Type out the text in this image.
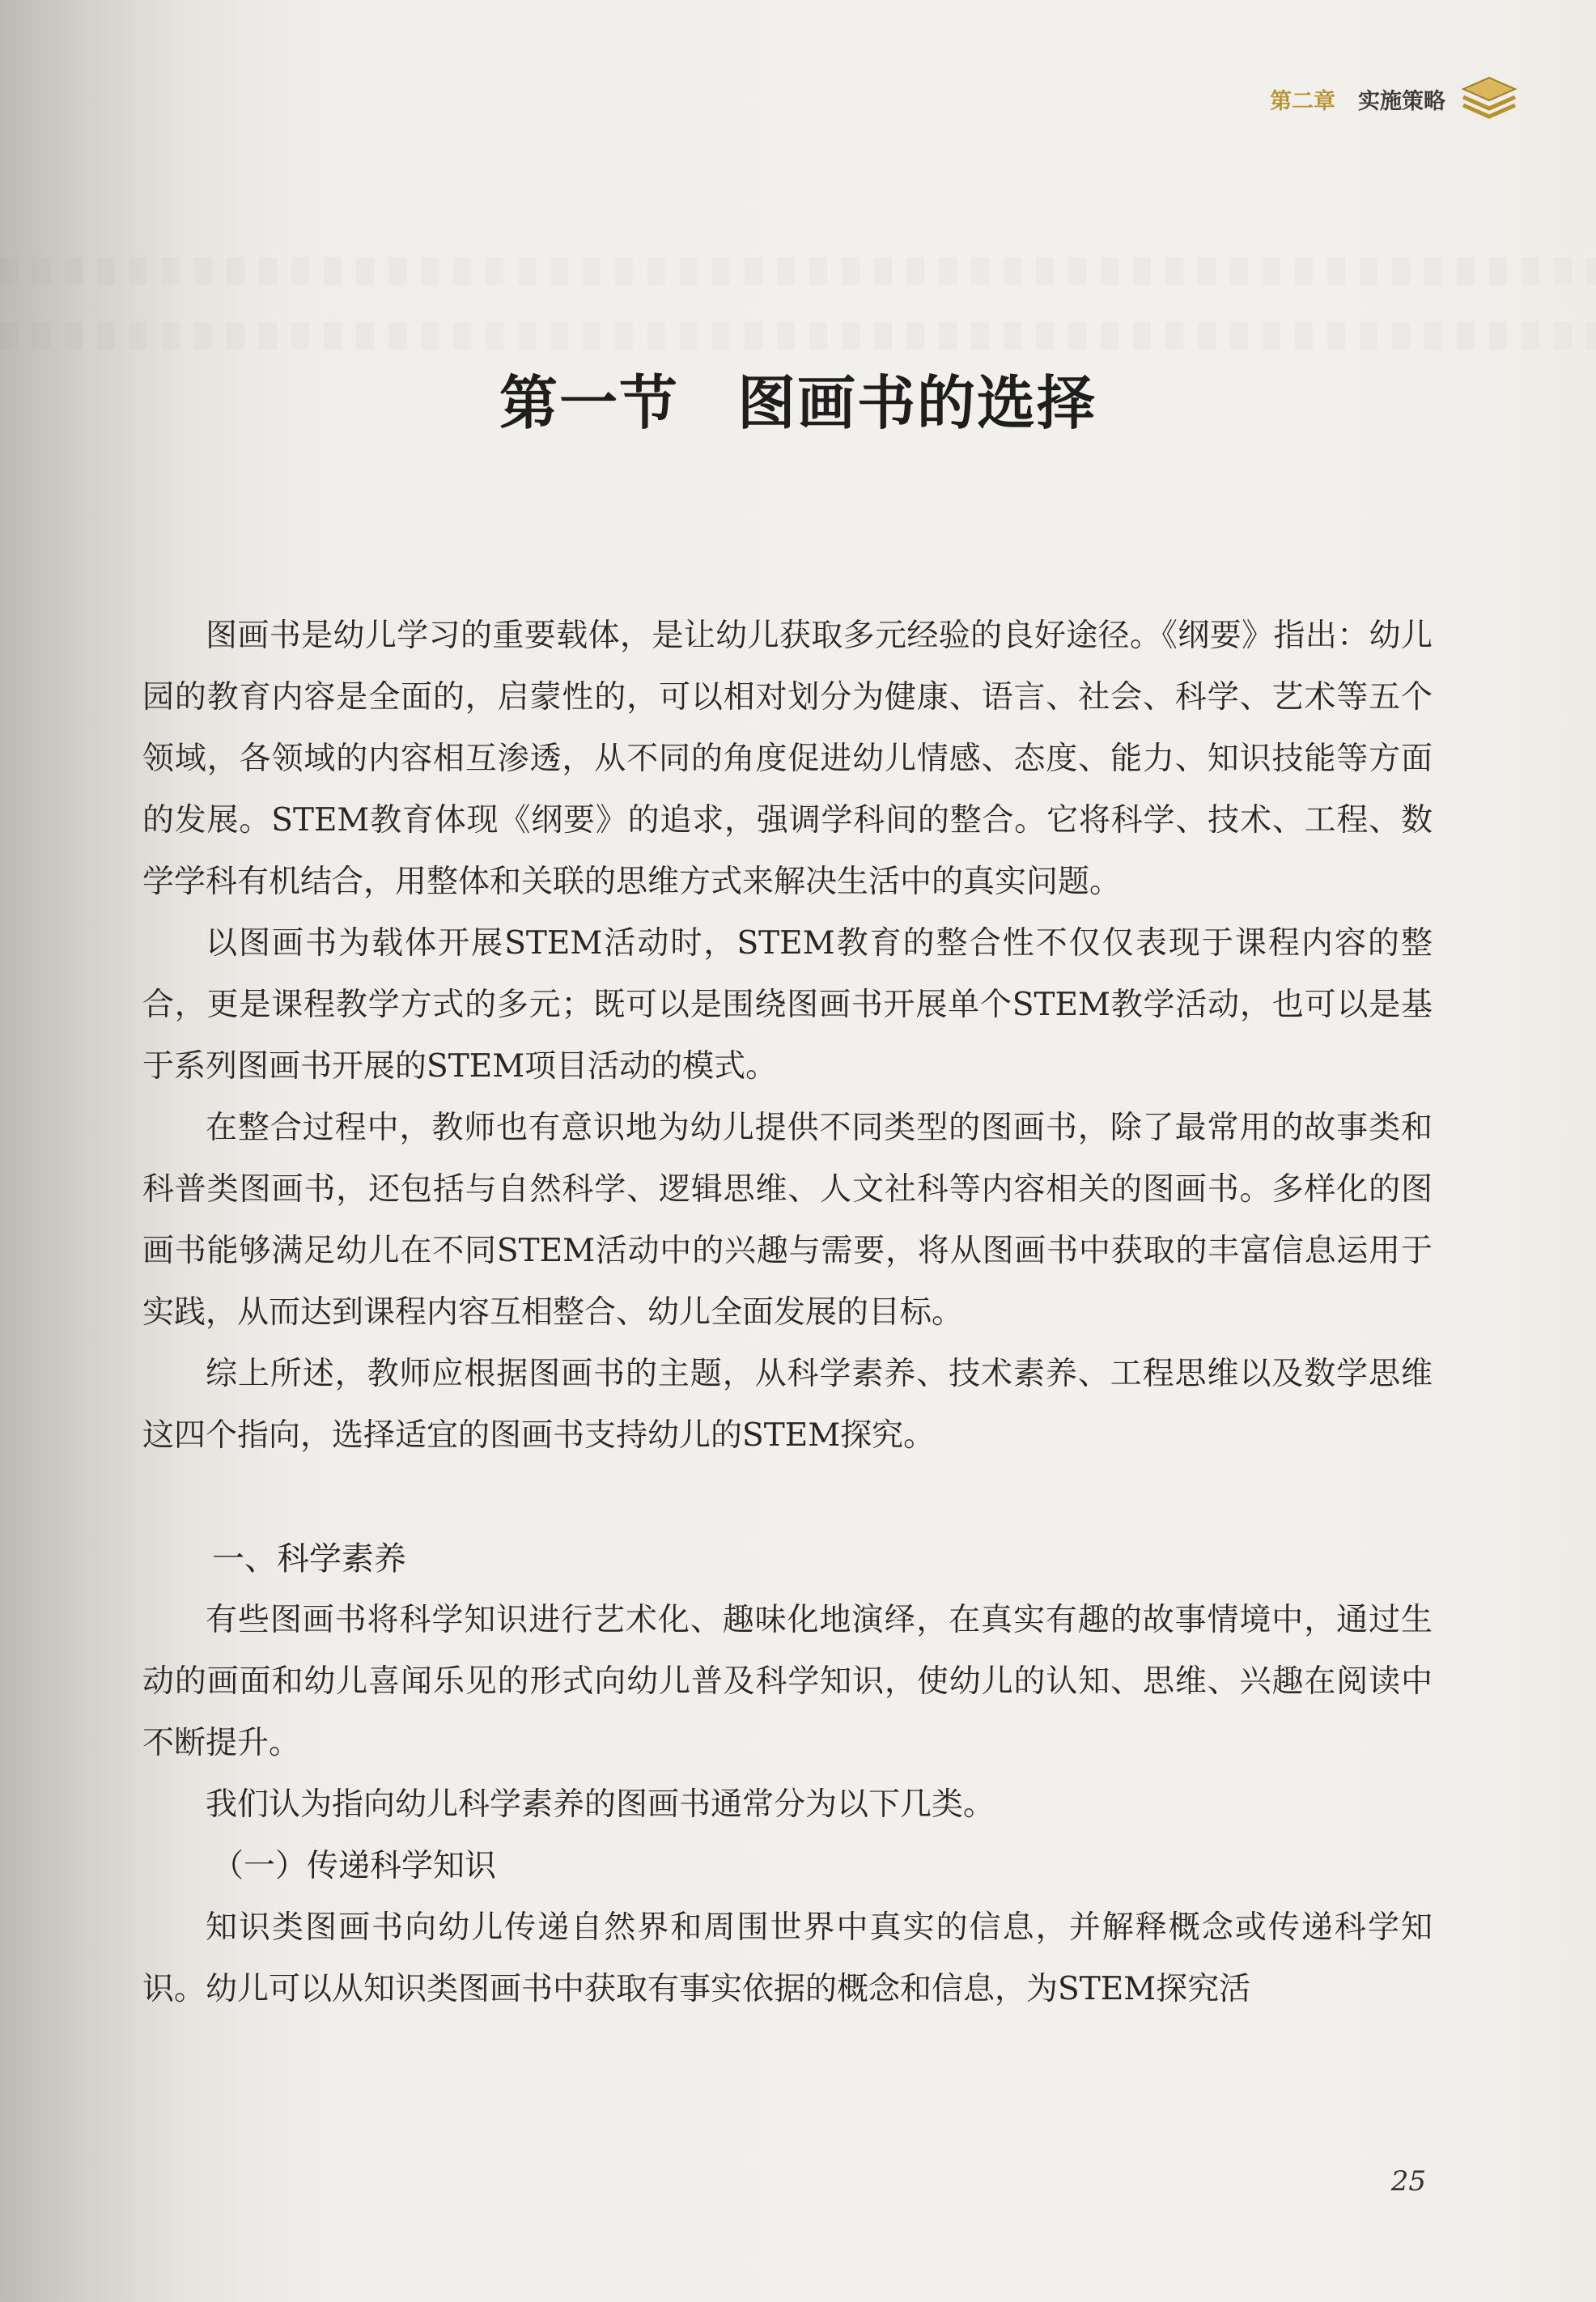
第二章 实施策略
第一节 图画书的选择

图画书是幼儿学习的重要载体，是让幼儿获取多元经验的良好途径。《纲要》指出：幼儿园的教育内容是全面的，启蒙性的，可以相对划分为健康、语言、社会、科学、艺术等五个领域，各领域的内容相互渗透，从不同的角度促进幼儿情感、态度、能力、知识技能等方面的发展。STEM教育体现《纲要》的追求，强调学科间的整合。它将科学、技术、工程、数学学科有机结合，用整体和关联的思维方式来解决生活中的真实问题。

以图画书为载体开展STEM活动时，STEM教育的整合性不仅仅表现于课程内容的整合，更是课程教学方式的多元；既可以是围绕图画书开展单个STEM教学活动，也可以是基于系列图画书开展的STEM项目活动的模式。

在整合过程中，教师也有意识地为幼儿提供不同类型的图画书，除了最常用的故事类和科普类图画书，还包括与自然科学、逻辑思维、人文社科等内容相关的图画书。多样化的图画书能够满足幼儿在不同STEM活动中的兴趣与需要，将从图画书中获取的丰富信息运用于实践，从而达到课程内容互相整合、幼儿全面发展的目标。

综上所述，教师应根据图画书的主题，从科学素养、技术素养、工程思维以及数学思维这四个指向，选择适宜的图画书支持幼儿的STEM探究。

一、科学素养

有些图画书将科学知识进行艺术化、趣味化地演绎，在真实有趣的故事情境中，通过生动的画面和幼儿喜闻乐见的形式向幼儿普及科学知识，使幼儿的认知、思维、兴趣在阅读中不断提升。

我们认为指向幼儿科学素养的图画书通常分为以下几类。

（一）传递科学知识

知识类图画书向幼儿传递自然界和周围世界中真实的信息，并解释概念或传递科学知识。幼儿可以从知识类图画书中获取有事实依据的概念和信息，为STEM探究活

25
